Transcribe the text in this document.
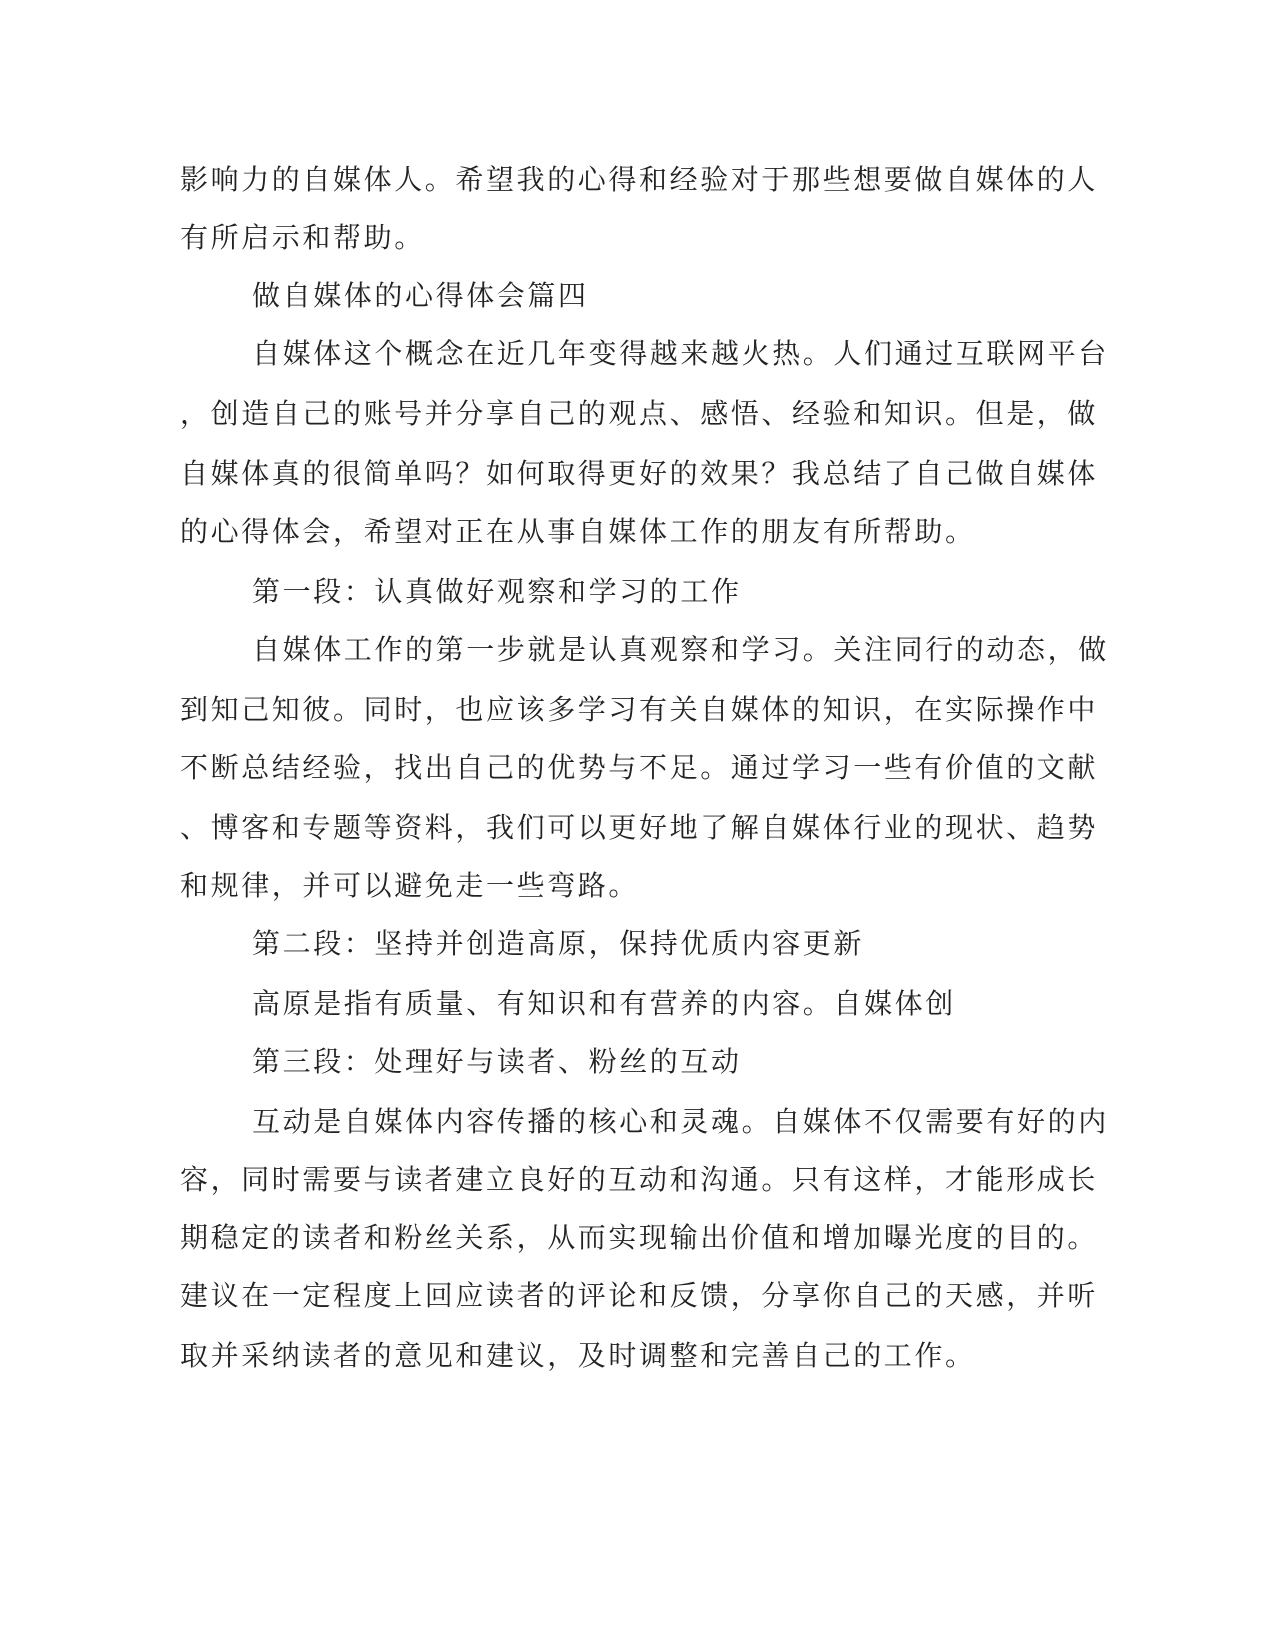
影响力的自媒体人。希望我的心得和经验对于那些想要做自媒体的人
有所启示和帮助。
做自媒体的心得体会篇四
自媒体这个概念在近几年变得越来越火热。人们通过互联网平台
，创造自己的账号并分享自己的观点、感悟、经验和知识。但是，做
自媒体真的很简单吗？如何取得更好的效果？我总结了自己做自媒体
的心得体会，希望对正在从事自媒体工作的朋友有所帮助。
第一段：认真做好观察和学习的工作
自媒体工作的第一步就是认真观察和学习。关注同行的动态，做
到知己知彼。同时，也应该多学习有关自媒体的知识，在实际操作中
不断总结经验，找出自己的优势与不足。通过学习一些有价值的文献
、博客和专题等资料，我们可以更好地了解自媒体行业的现状、趋势
和规律，并可以避免走一些弯路。
第二段：坚持并创造高原，保持优质内容更新
高原是指有质量、有知识和有营养的内容。自媒体创
第三段：处理好与读者、粉丝的互动
互动是自媒体内容传播的核心和灵魂。自媒体不仅需要有好的内
容，同时需要与读者建立良好的互动和沟通。只有这样，才能形成长
期稳定的读者和粉丝关系，从而实现输出价值和增加曝光度的目的。
建议在一定程度上回应读者的评论和反馈，分享你自己的天感，并听
取并采纳读者的意见和建议，及时调整和完善自己的工作。
